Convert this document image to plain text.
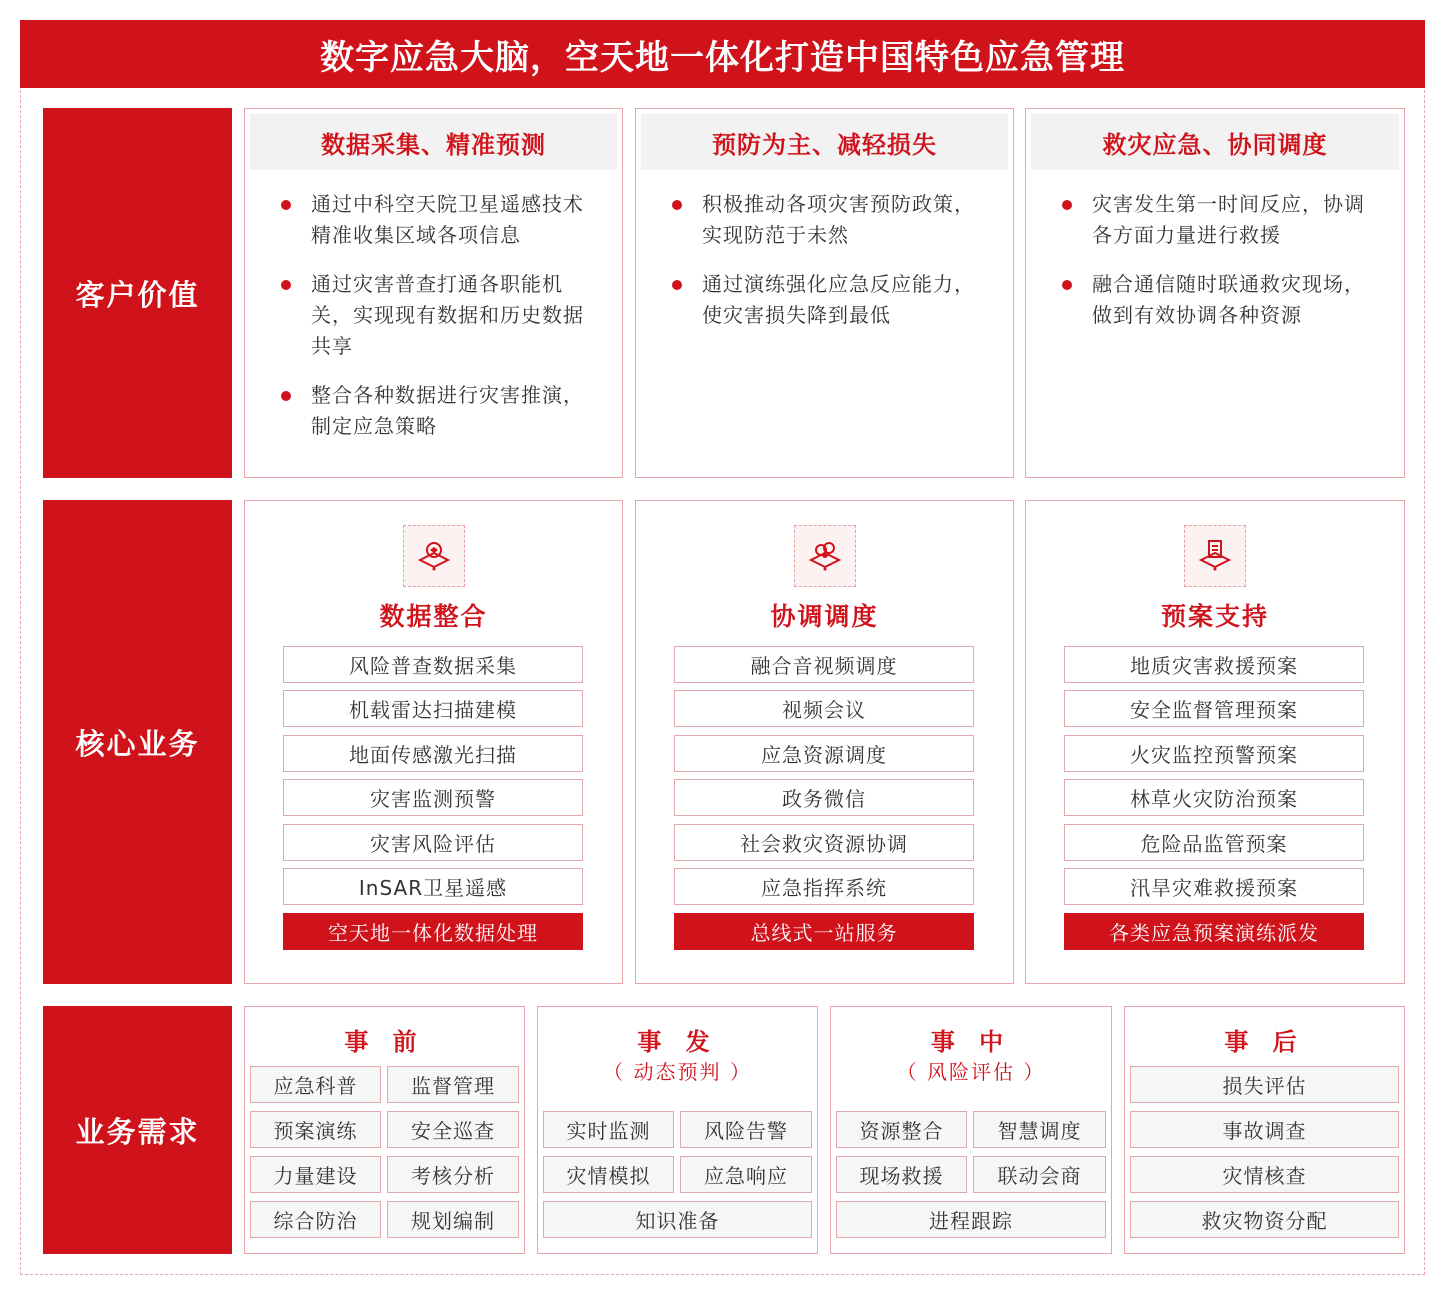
数字应急大脑，空天地一体化打造中国特色应急管理
客户价值
数据采集、精准预测
通过中科空天院卫星遥感技术精准收集区域各项信息
通过灾害普查打通各职能机关，实现现有数据和历史数据共享
整合各种数据进行灾害推演，制定应急策略
预防为主、减轻损失
积极推动各项灾害预防政策，实现防范于未然
通过演练强化应急反应能力，使灾害损失降到最低
救灾应急、协同调度
灾害发生第一时间反应，协调各方面力量进行救援
融合通信随时联通救灾现场，做到有效协调各种资源
核心业务
数据整合
风险普查数据采集
机载雷达扫描建模
地面传感激光扫描
灾害监测预警
灾害风险评估
InSAR卫星遥感
空天地一体化数据处理
协调调度
融合音视频调度
视频会议
应急资源调度
政务微信
社会救灾资源协调
应急指挥系统
总线式一站服务
预案支持
地质灾害救援预案
安全监督管理预案
火灾监控预警预案
林草火灾防治预案
危险品监管预案
汛旱灾难救援预案
各类应急预案演练派发
业务需求
事 前
应急科普	监督管理
预案演练	安全巡查
力量建设	考核分析
综合防治	规划编制
事 发
（ 动态预判 ）
实时监测	风险告警
灾情模拟	应急响应
知识准备
事 中
（ 风险评估 ）
资源整合	智慧调度
现场救援	联动会商
进程跟踪
事 后
损失评估
事故调查
灾情核查
救灾物资分配
